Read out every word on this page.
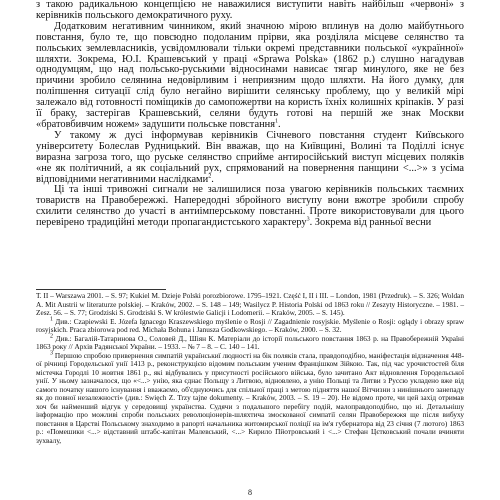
з такою радикальною концепцією не наважилися виступити навіть найбільш «червоні» з керівників польського демократичного руху.

Додатковим негативним чинником, який значною мірою вплинув на долю майбутнього повстання, було те, що повсюдно подоланим прірви, яка розділяла місцеве селянство та польських землевласників, усвідомлювали тільки окремі представники польської «українної» шляхти. Зокрема, Ю.І. Крашевський у праці «Sprawa Polska» (1862 р.) слушно нагадував однодумцям, що над польсько-руськими відносинами нависає тягар минулого, яке не без причини зробило селянина недовірливим і неприязним щодо шляхти. На його думку, для поліпшення ситуації слід було негайно вирішити селянську проблему, що у великій мірі залежало від готовності поміщиків до самопожертви на користь їхніх колишніх кріпаків. У разі її браку, застерігав Крашевський, селяни будуть готові на першій же знак Москви «братовбивчим ножем» задушити польське повстання$^1$.

У такому ж дусі інформував керівників Січневого повстання студент Київського університету Болеслав Рудницький. Він вважав, що на Київщині, Волині та Поділлі існує виразна загроза того, що руське селянство сприйме антиросійський виступ місцевих поляків «не як політичний, а як соціальний рух, спрямований на повернення панщини <...>» з усіма відповідними негативними наслідками$^2$.

Ці та інші тривожні сигнали не залишилися поза увагою керівників польських таємних товариств на Правобережжі. Напередодні збройного виступу вони вжотре зробили спробу схилити селянство до участі в антиімперському повстанні. Проте використовували для цього перевірено традиційні методи пропагандистського характеру$^3$. Зокрема від ранньої весни

Т. II – Warszawa 2001. – S. 97; Kukiel M. Dzieje Polski porozbiorowe. 1795–1921. Część I, II і ІІІ. – London, 1981 (Przedruk). – S. 326; Woldan A. Mit Austrii w literaturze polskiej. – Kraków, 2002. – S. 148 – 149; Wasilycz P. Historia Polski od 1863 roku // Zeszyty Historyczne. – 1981. – Zesz. 56. – S. 77; Grodziski S. Grodziski S. W królestwie Galicji i Lodomerii. – Kraków, 2005. – S. 145).

$^1$ Див.: Czapiewski E. Józefa Ignacego Kraszewskiego myślenie o Rosji // Zagadnienie rosyjskie. Myślenie o Rosji: oglądy i obrazy spraw rosyjskich. Praca zbiorowa pod red. Michała Bohuna i Janusza Godkowskiego. – Kraków, 2000. – S. 32.

$^2$ Див.: Багалій-Татаринова О., Соловей Д., Шіян К. Матеріали до історії польського повстання 1863 р. на Правобережній Україні 1863 року // Архів Радянської України. – 1933. – № 7 – 8. – С. 140 – 141.

$^3$ Першою спробою привернення симпатій українськиї людності на бік поляків стала, правдоподібно, маніфестація відзначення 448-ої річниці Городельської унії 1413 р., реконструкцією відомим польським ученим Францішком Зійкою. Так, під час урочистостей біля містечка Городлі 10 жовтня 1861 р., які відбувались у присутності російського війська, було зачитано Акт відновлення Городельської унії. У ньому зазначалося, що «<...> унію, яка єднає Польщу з Литвою, відновлено, а унію Польщі та Литви з Руссю укладено вже від самого початку нашого існування і вважаємо, об'єднуючись для спільної праці з метою підняття нашої Вітчизни з нинішнього занепаду як до повної незалежності» (див.: Swięch Z. Trzy tajne dokumenty. – Kraków, 2003. – S. 19 – 20). Не відомо проте, чи цей захід отримав хоч би найменший відгук у середовищі українства. Судячи з подальшого перебігу подій, малоправдоподібно, що ні. Детальнішу інформацію про можливі спроби польських революціонерів-шляхтича змоскованої симпатії селян Правобережжя ще після вибуху повстання в Царстві Польському знаходимо в рапорті начальника житомирської поліції на ім'я губернатора від 23 січня (7 лютого) 1863 р.: «Помешики <...> відставний штабс-капітан Малевський, <...> Кирило Пйотровський і <...> Стефан Цєтковський почали вчиняти зухвалу,

8
